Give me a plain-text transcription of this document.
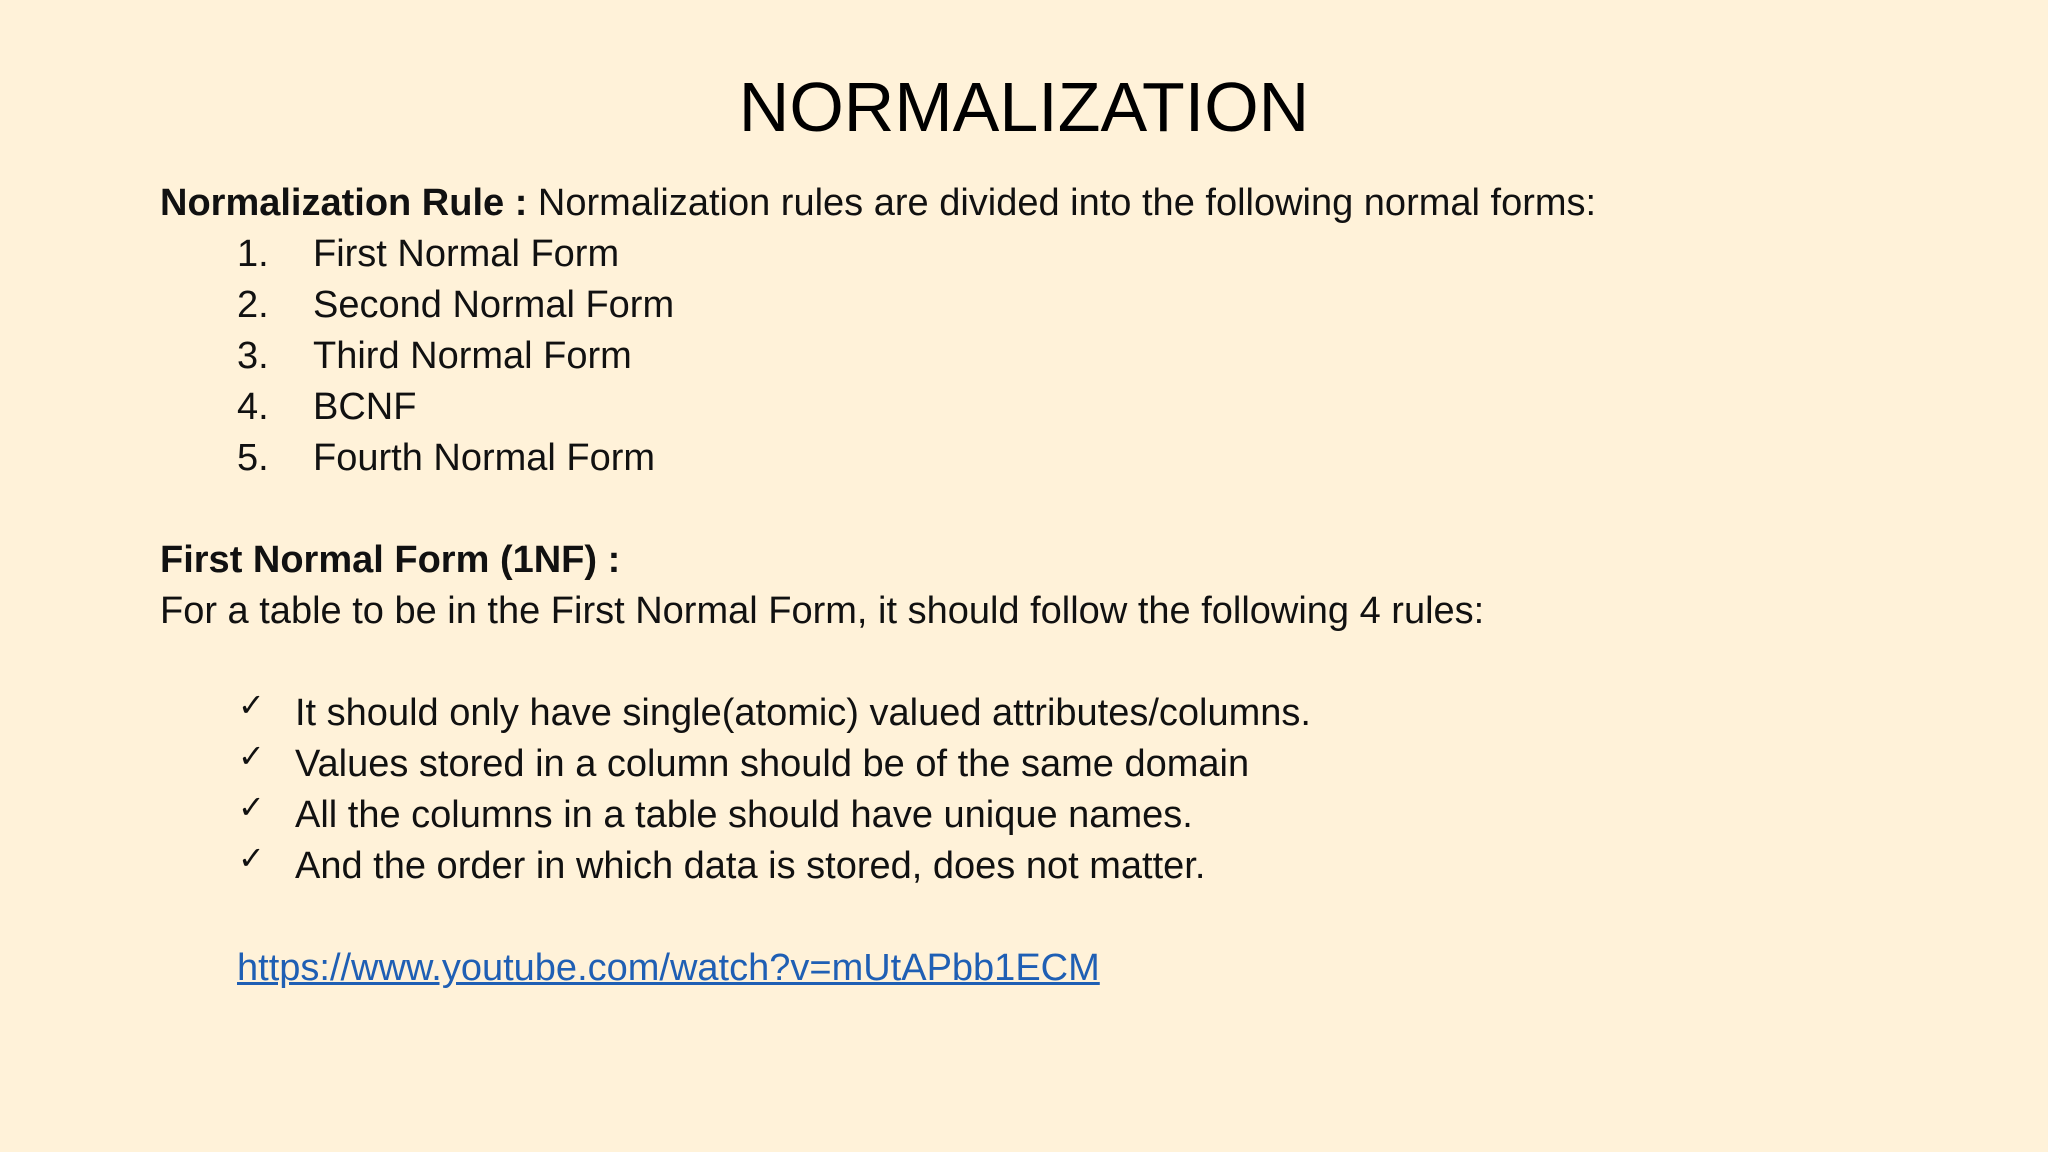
NORMALIZATION
Normalization Rule : Normalization rules are divided into the following normal forms:
1. First Normal Form
2. Second Normal Form
3. Third Normal Form
4. BCNF
5. Fourth Normal Form
First Normal Form (1NF) :
For a table to be in the First Normal Form, it should follow the following 4 rules:
✓ It should only have single(atomic) valued attributes/columns.
✓ Values stored in a column should be of the same domain
✓ All the columns in a table should have unique names.
✓ And the order in which data is stored, does not matter.
https://www.youtube.com/watch?v=mUtAPbb1ECM
